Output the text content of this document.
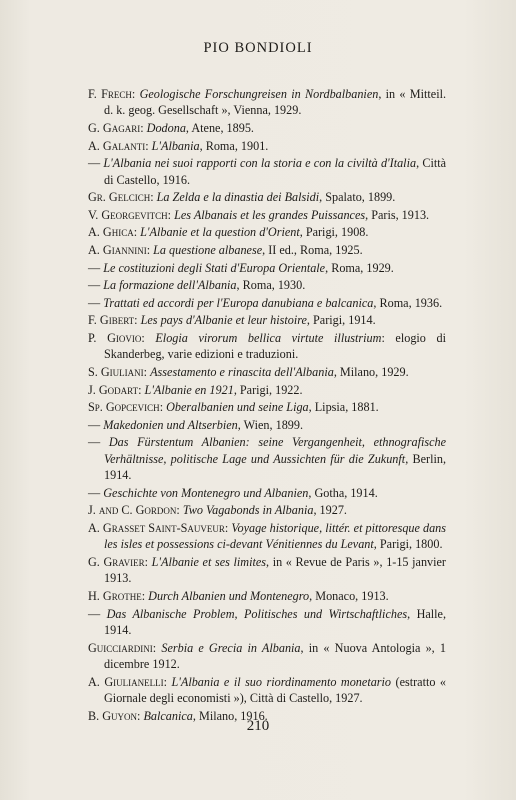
PIO BONDIOLI

F. Frech: Geologische Forschungreisen in Nordbalbanien, in « Mitteil. d. k. geog. Gesellschaft », Vienna, 1929.

G. Gagari: Dodona, Atene, 1895.

A. Galanti: L'Albania, Roma, 1901.

— L'Albania nei suoi rapporti con la storia e con la civiltà d'Italia, Città di Castello, 1916.

Gr. Gelcich: La Zelda e la dinastia dei Balsidi, Spalato, 1899.

V. Georgevitch: Les Albanais et les grandes Puissances, Paris, 1913.

A. Ghica: L'Albanie et la question d'Orient, Parigi, 1908.

A. Giannini: La questione albanese, II ed., Roma, 1925.

— Le costituzioni degli Stati d'Europa Orientale, Roma, 1929.

— La formazione dell'Albania, Roma, 1930.

— Trattati ed accordi per l'Europa danubiana e balcanica, Roma, 1936.

F. Gibert: Les pays d'Albanie et leur histoire, Parigi, 1914.

P. Giovio: Elogia virorum bellica virtute illustrium: elogio di Skanderbeg, varie edizioni e traduzioni.

S. Giuliani: Assestamento e rinascita dell'Albania, Milano, 1929.

J. Godart: L'Albanie en 1921, Parigi, 1922.

Sp. Gopcevich: Oberalbanien und seine Liga, Lipsia, 1881.

— Makedonien und Altserbien, Wien, 1899.

— Das Fürstentum Albanien: seine Vergangenheit, ethnografische Verhältnisse, politische Lage und Aussichten für die Zukunft, Berlin, 1914.

— Geschichte von Montenegro und Albanien, Gotha, 1914.

J. and C. Gordon: Two Vagabonds in Albania, 1927.

A. Grasset Saint-Sauveur: Voyage historique, littér. et pittoresque dans les isles et possessions ci-devant Vénitiennes du Levant, Parigi, 1800.

G. Gravier: L'Albanie et ses limites, in « Revue de Paris », 1-15 janvier 1913.

H. Grothe: Durch Albanien und Montenegro, Monaco, 1913.

— Das Albanische Problem, Politisches und Wirtschaftliches, Halle, 1914.

Guicciardini: Serbia e Grecia in Albania, in « Nuova Antologia », 1 dicembre 1912.

A. Giulianelli: L'Albania e il suo riordinamento monetario (estratto « Giornale degli economisti »), Città di Castello, 1927.

B. Guyon: Balcanica, Milano, 1916.

210
